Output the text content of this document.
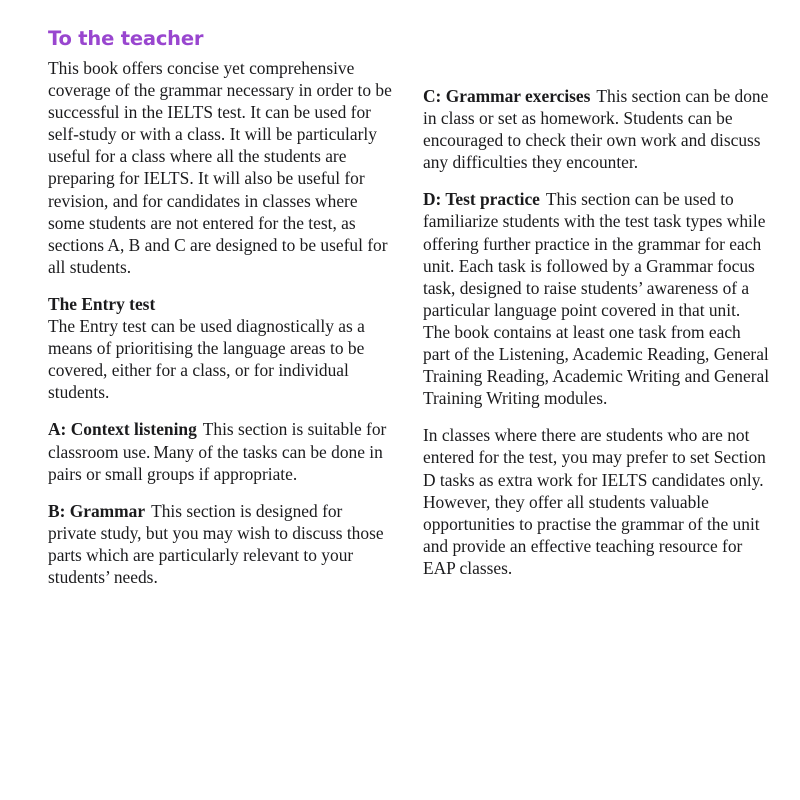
To the teacher

This book offers concise yet comprehensive coverage of the grammar necessary in order to be successful in the IELTS test. It can be used for self-study or with a class. It will be particularly useful for a class where all the students are preparing for IELTS. It will also be useful for revision, and for candidates in classes where some students are not entered for the test, as sections A, B and C are designed to be useful for all students.

The Entry test
The Entry test can be used diagnostically as a means of prioritising the language areas to be covered, either for a class, or for individual students.

A: Context listening This section is suitable for classroom use. Many of the tasks can be done in pairs or small groups if appropriate.

B: Grammar This section is designed for private study, but you may wish to discuss those parts which are particularly relevant to your students’ needs.

C: Grammar exercises This section can be done in class or set as homework. Students can be encouraged to check their own work and discuss any difficulties they encounter.

D: Test practice This section can be used to familiarize students with the test task types while offering further practice in the grammar for each unit. Each task is followed by a Grammar focus task, designed to raise students’ awareness of a particular language point covered in that unit. The book contains at least one task from each part of the Listening, Academic Reading, General Training Reading, Academic Writing and General Training Writing modules.

In classes where there are students who are not entered for the test, you may prefer to set Section D tasks as extra work for IELTS candidates only.However, they offer all students valuable opportunities to practise the grammar of the unit and provide an effective teaching resource for EAP classes.
